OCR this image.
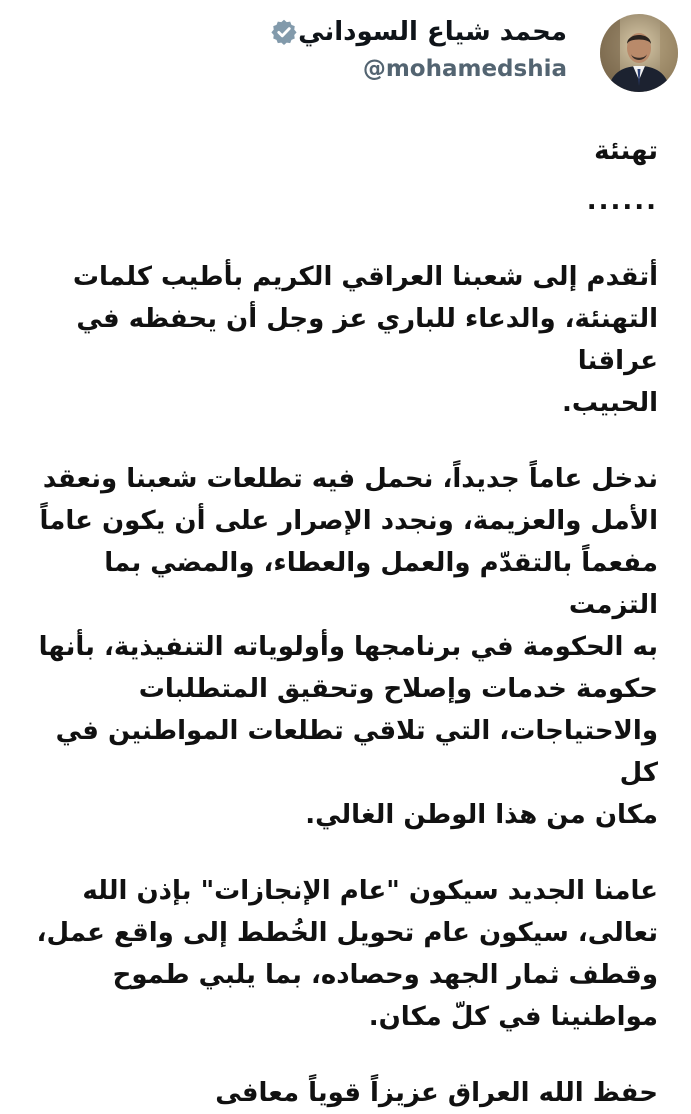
محمد شياع السوداني
@mohamedshia

تهنئة

......

أتقدم إلى شعبنا العراقي الكريم بأطيب كلمات
التهنئة، والدعاء للباري عز وجل أن يحفظه في عراقنا
الحبيب.

ندخل عاماً جديداً، نحمل فيه تطلعات شعبنا ونعقد
الأمل والعزيمة، ونجدد الإصرار على أن يكون عاماً
مفعماً بالتقدّم والعمل والعطاء، والمضي بما التزمت
به الحكومة في برنامجها وأولوياته التنفيذية، بأنها
حكومة خدمات وإصلاح وتحقيق المتطلبات
والاحتياجات، التي تلاقي تطلعات المواطنين في كل
مكان من هذا الوطن الغالي.

عامنا الجديد سيكون "عام الإنجازات" بإذن الله
تعالى، سيكون عام تحويل الخُطط إلى واقع عمل،
وقطف ثمار الجهد وحصاده، بما يلبي طموح
مواطنينا في كلّ مكان.

حفظ الله العراق عزيزاً قوياً معافى
